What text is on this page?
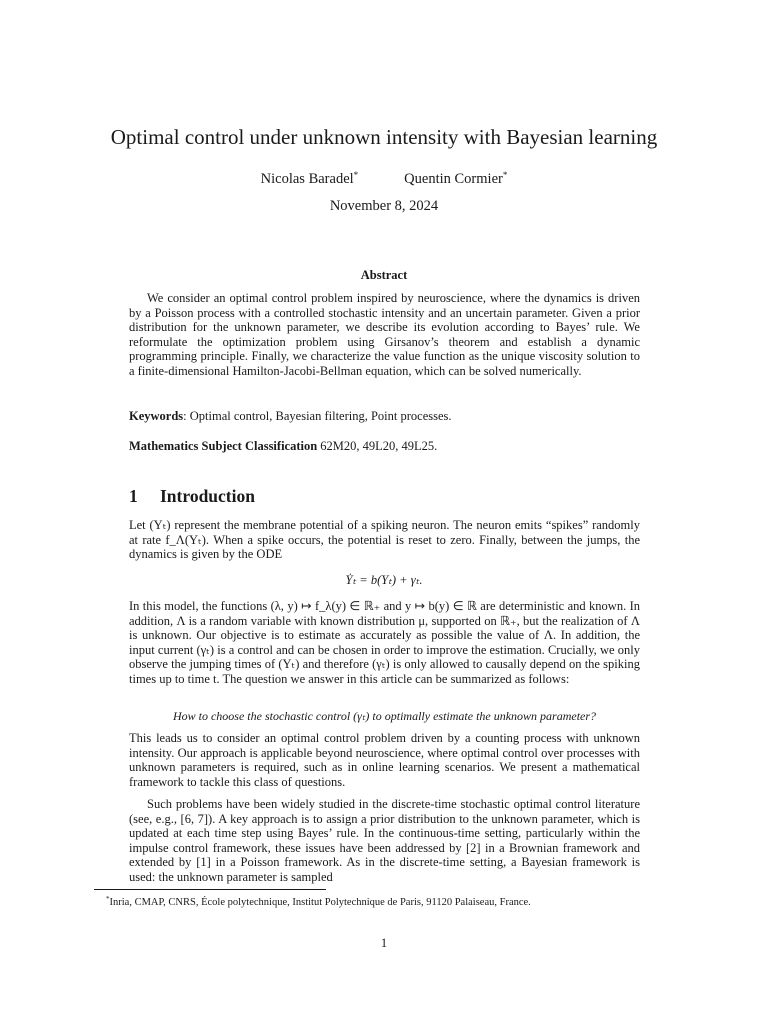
Optimal control under unknown intensity with Bayesian learning
Nicolas Baradel*	Quentin Cormier*
November 8, 2024
Abstract
We consider an optimal control problem inspired by neuroscience, where the dynamics is driven by a Poisson process with a controlled stochastic intensity and an uncertain parameter. Given a prior distribution for the unknown parameter, we describe its evolution according to Bayes’ rule. We reformulate the optimization problem using Girsanov’s theorem and establish a dynamic programming principle. Finally, we characterize the value function as the unique viscosity solution to a finite-dimensional Hamilton-Jacobi-Bellman equation, which can be solved numerically.
Keywords: Optimal control, Bayesian filtering, Point processes.
Mathematics Subject Classification 62M20, 49L20, 49L25.
1 Introduction
Let (Yₜ) represent the membrane potential of a spiking neuron. The neuron emits “spikes” randomly at rate f_Λ(Yₜ). When a spike occurs, the potential is reset to zero. Finally, between the jumps, the dynamics is given by the ODE
Ẏₜ = b(Yₜ) + γₜ.
In this model, the functions (λ, y) ↦ f_λ(y) ∈ ℝ₊ and y ↦ b(y) ∈ ℝ are deterministic and known. In addition, Λ is a random variable with known distribution μ, supported on ℝ₊, but the realization of Λ is unknown. Our objective is to estimate as accurately as possible the value of Λ. In addition, the input current (γₜ) is a control and can be chosen in order to improve the estimation. Crucially, we only observe the jumping times of (Yₜ) and therefore (γₜ) is only allowed to causally depend on the spiking times up to time t. The question we answer in this article can be summarized as follows:
How to choose the stochastic control (γₜ) to optimally estimate the unknown parameter?
This leads us to consider an optimal control problem driven by a counting process with unknown intensity. Our approach is applicable beyond neuroscience, where optimal control over processes with unknown parameters is required, such as in online learning scenarios. We present a mathematical framework to tackle this class of questions.
Such problems have been widely studied in the discrete-time stochastic optimal control literature (see, e.g., [6, 7]). A key approach is to assign a prior distribution to the unknown parameter, which is updated at each time step using Bayes’ rule. In the continuous-time setting, particularly within the impulse control framework, these issues have been addressed by [2] in a Brownian framework and extended by [1] in a Poisson framework. As in the discrete-time setting, a Bayesian framework is used: the unknown parameter is sampled
*Inria, CMAP, CNRS, École polytechnique, Institut Polytechnique de Paris, 91120 Palaiseau, France.
1
